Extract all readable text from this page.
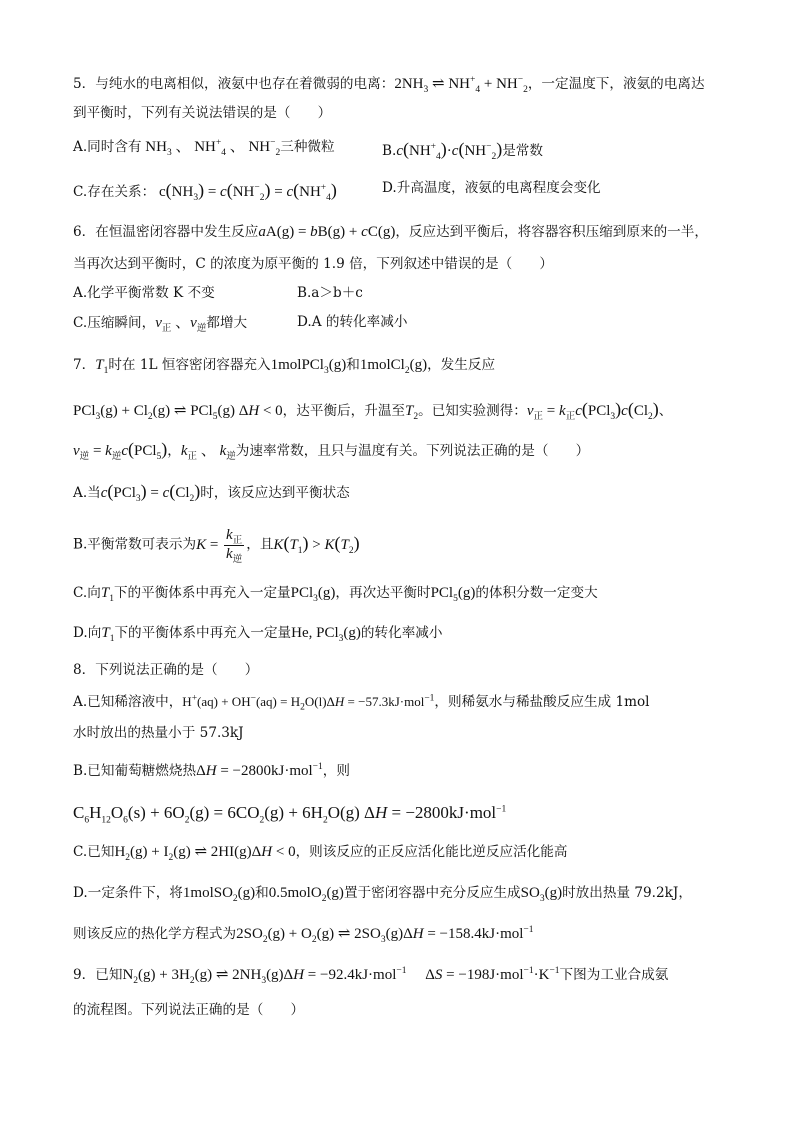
5．与纯水的电离相似，液氨中也存在着微弱的电离：$2NH_3$ ⇌ $NH^+_4 + NH^-_2$，一定温度下，液氨的电离达
到平衡时，下列有关说法错误的是（　　）
A.同时含有 $NH_3$ 、 $NH^+_4$ 、 $NH^-_2$三种微粒	$B.c(NH^+_4)\cdot c(NH^-_2)$是常数
C.存在关系： $c(NH_3) = c(NH^-_2) = c(NH^+_4)$	D.升高温度，液氨的电离程度会变化
6．在恒温密闭容器中发生反应aA(g) = bB(g) + cC(g)，反应达到平衡后，将容器容积压缩到原来的一半，
当再次达到平衡时，C 的浓度为原平衡的 1.9 倍，下列叙述中错误的是（　　）
A.化学平衡常数 K 不变	B.a＞b＋c
C.压缩瞬间，$v_正$ 、$v_逆$都增大	D.A 的转化率减小
7．$T_1$时在 1L 恒容密闭容器充入1molPCl$_3$(g)和1molCl$_2$(g)，发生反应
$PCl_3(g) + Cl_2(g)$ ⇌ PCl$_5$(g) ΔH < 0，达平衡后，升温至$T_2$。已知实验测得：$v_正 = k_正c(PCl_3)c(Cl_2)$、
$v_逆 = k_逆c(PCl_5)$，$k_正$ 、 $k_逆$为速率常数，且只与温度有关。下列说法正确的是（　　）
A.当$c(PCl_3) = c(Cl_2)$时，该反应达到平衡状态
B.平衡常数可表示为$K = \frac{k_正}{k_逆}$ ，且$K(T_1) > K(T_2)$
C.向$T_1$下的平衡体系中再充入一定量PCl$_3$(g)，再次达平衡时PCl$_5$(g)的体积分数一定变大
D.向$T_1$下的平衡体系中再充入一定量He, PCl$_3$(g)的转化率减小
8．下列说法正确的是（　　）
A.已知稀溶液中，$H^+(aq) + OH^-(aq) = H_2O(l)\Delta H = -57.3kJ\cdot mol^{-1}$，则稀氨水与稀盐酸反应生成 1mol
水时放出的热量小于 57.3kJ
B.已知葡萄糖燃烧热ΔH = −2800kJ·mol$^{-1}$，则
$C_6H_{12}O_6(s) + 6O_2(g) = 6CO_2(g) + 6H_2O(g) \Delta H = -2800kJ\cdot mol^{-1}$
C.已知$H_2(g) + I_2(g)$ ⇌ 2HI(g)ΔH < 0，则该反应的正反应活化能比逆反应活化能高
D.一定条件下，将1molSO$_2$(g)和0.5molO$_2$(g)置于密闭容器中充分反应生成$SO_3(g)$时放出热量 79.2kJ，
则该反应的热化学方程式为$2SO_2(g) + O_2(g)$ ⇌ $2SO_3(g)\Delta H = -158.4kJ\cdot mol^{-1}$
9．已知$N_2(g) + 3H_2(g)$ ⇌ $2NH_3(g)\Delta H = -92.4kJ\cdot mol^{-1}$　 $\Delta S = -198J\cdot mol^{-1}\cdot K^{-1}$下图为工业合成氨
的流程图。下列说法正确的是（　　）
